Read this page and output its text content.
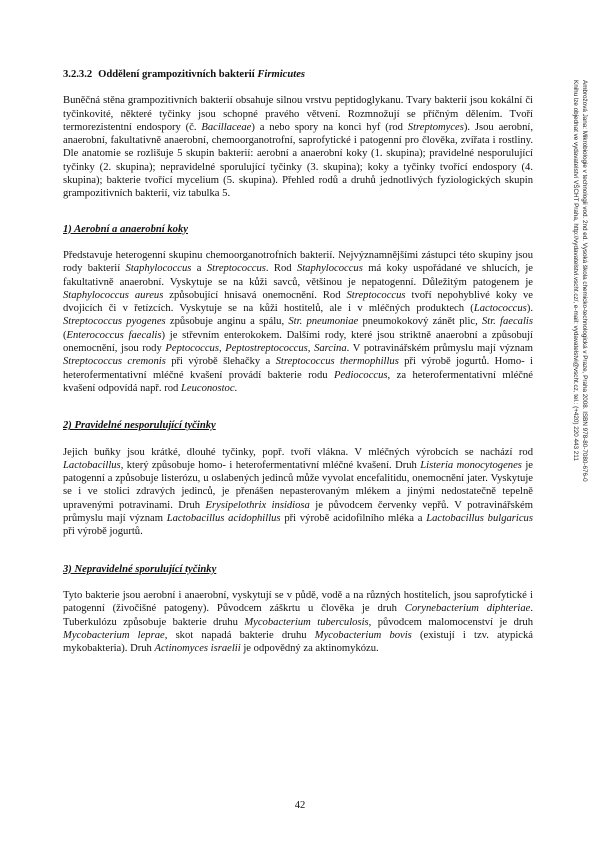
3.2.3.2 Oddělení grampozitivních bakterií Firmicutes

Buněčná stěna grampozitivních bakterií obsahuje silnou vrstvu peptidoglykanu. Tvary bakterií jsou kokální či tyčinkovité, některé tyčinky jsou schopné pravého větvení. Rozmnožují se příčným dělením. Tvoří termorezistentní endospory (č. Bacillaceae) a nebo spory na konci hyf (rod Streptomyces). Jsou aerobní, anaerobní, fakultativně anaerobní, chemoorganotrofní, saprofytické i patogenní pro člověka, zvířata i rostliny. Dle anatomie se rozlišuje 5 skupin bakterií: aerobní a anaerobní koky (1. skupina); pravidelné nesporulující tyčinky (2. skupina); nepravidelné sporulující tyčinky (3. skupina); koky a tyčinky tvořící endospory (4. skupina); bakterie tvořící mycelium (5. skupina). Přehled rodů a druhů jednotlivých fyziologických skupin grampozitivních bakterií, viz tabulka 5.

1) Aerobní a anaerobní koky

Představuje heterogenní skupinu chemoorganotrofních bakterií. Nejvýznamnějšími zástupci této skupiny jsou rody bakterií Staphylococcus a Streptococcus. Rod Staphylococcus má koky uspořádané ve shlucích, je fakultativně anaerobní. Vyskytuje se na kůži savců, většinou je nepatogenní. Důležitým patogenem je Staphylococcus aureus způsobující hnisavá onemocnění. Rod Streptococcus tvoří nepohyblivé koky ve dvojicích či v řetízcích. Vyskytuje se na kůži hostitelů, ale i v mléčných produktech (Lactococcus). Streptococcus pyogenes způsobuje anginu a spálu, Str. pneumoniae pneumokokový zánět plic, Str. faecalis (Enterococcus faecalis) je střevním enterokokem. Dalšími rody, které jsou striktně anaerobní a způsobují onemocnění, jsou rody Peptococcus, Peptostreptococcus, Sarcina. V potravinářském průmyslu mají význam Streptococcus cremonis při výrobě šlehačky a Streptococcus thermophillus při výrobě jogurtů. Homo- i heterofermentativní mléčné kvašení provádí bakterie rodu Pediococcus, za heterofermentativní mléčné kvašení odpovídá např. rod Leuconostoc.

2) Pravidelné nesporulující tyčinky

Jejich buňky jsou krátké, dlouhé tyčinky, popř. tvoří vlákna. V mléčných výrobcích se nachází rod Lactobacillus, který způsobuje homo- i heterofermentativní mléčné kvašení. Druh Listeria monocytogenes je patogenní a způsobuje listerózu, u oslabených jedinců může vyvolat encefalitidu, onemocnění jater. Vyskytuje se i ve stolici zdravých jedinců, je přenášen nepasterovaným mlékem a jinými nedostatečně tepelně upravenými potravinami. Druh Erysipelothrix insidiosa je původcem červenky vepřů. V potravinářském průmyslu mají význam Lactobacillus acidophillus při výrobě acidofilního mléka a Lactobacillus bulgaricus při výrobě jogurtů.

3) Nepravidelné sporulující tyčinky

Tyto bakterie jsou aerobní i anaerobní, vyskytují se v půdě, vodě a na různých hostitelích, jsou saprofytické i patogenní (živočišné patogeny). Původcem záškrtu u člověka je druh Corynebacterium diphteriae. Tuberkulózu způsobuje bakterie druhu Mycobacterium tuberculosis, původcem malomocenství je druh Mycobacterium leprae, skot napadá bakterie druhu Mycobacterium bovis (existují i tzv. atypická mykobakteria). Druh Actinomyces israelii je odpovědný za aktinomykózu.

42
Ambrožová Jana: Mikrobiologie v technologii vod. 2nd ed. Vysoká škola chemicko-technologická v Praze, Praha 2008. ISBN 978-80-7080-676-0
Knihu lze objednat ve vydavatelství VŠCHT Praha, http://vydavatelstvi.vscht.cz/, e-mail: vydavatelstvi@vscht.cz, tel.: (+420) 220 443 211
